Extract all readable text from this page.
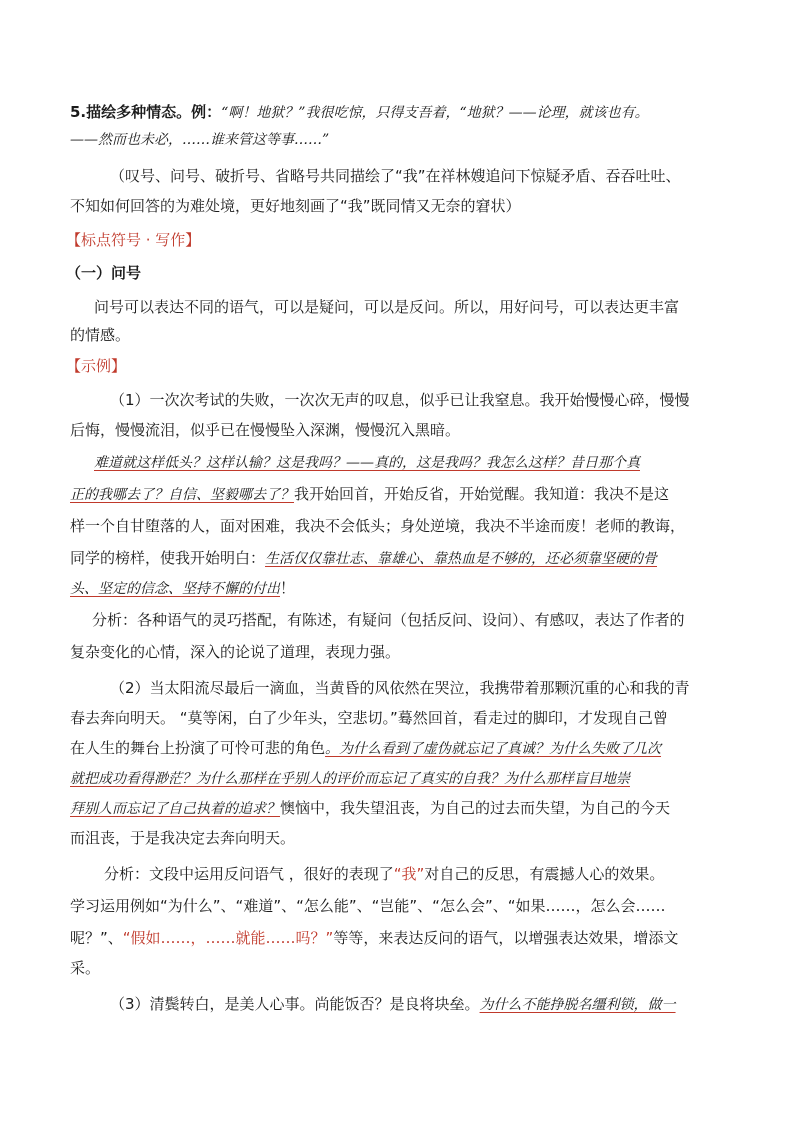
5.描绘多种情态。例：“啊！地狱？”我很吃惊，只得支吾着，“地狱？——论理，就该也有。
——然而也未必，……谁来管这等事……”
（叹号、问号、破折号、省略号共同描绘了“我”在祥林嫂追问下惊疑矛盾、吞吞吐吐、
不知如何回答的为难处境，更好地刻画了“我”既同情又无奈的窘状）
【标点符号 · 写作】
（一）问号
问号可以表达不同的语气，可以是疑问，可以是反问。所以，用好问号，可以表达更丰富
的情感。
【示例】
（1）一次次考试的失败，一次次无声的叹息，似乎已让我窒息。我开始慢慢心碎，慢慢
后悔，慢慢流泪，似乎已在慢慢坠入深渊，慢慢沉入黑暗。
难道就这样低头？这样认输？这是我吗？——真的，这是我吗？我怎么这样？昔日那个真
正的我哪去了？自信、坚毅哪去了？我开始回首，开始反省，开始觉醒。我知道：我决不是这
样一个自甘堕落的人，面对困难，我决不会低头；身处逆境，我决不半途而废！老师的教诲，
同学的榜样，使我开始明白：生活仅仅靠壮志、靠雄心、靠热血是不够的，还必须靠坚硬的骨
头、坚定的信念、坚持不懈的付出！
分析：各种语气的灵巧搭配，有陈述，有疑问（包括反问、设问）、有感叹，表达了作者的
复杂变化的心情，深入的论说了道理，表现力强。
（2）当太阳流尽最后一滴血，当黄昏的风依然在哭泣，我携带着那颗沉重的心和我的青
春去奔向明天。 “莫等闲，白了少年头，空悲切。”蓦然回首，看走过的脚印，才发现自己曾
在人生的舞台上扮演了可怜可悲的角色。为什么看到了虚伪就忘记了真诚？为什么失败了几次
就把成功看得渺茫？为什么那样在乎别人的评价而忘记了真实的自我？为什么那样盲目地崇
拜别人而忘记了自己执着的追求？懊恼中，我失望沮丧，为自己的过去而失望，为自己的今天
而沮丧，于是我决定去奔向明天。
分析：文段中运用反问语气 ，很好的表现了“我”对自己的反思，有震撼人心的效果。
学习运用例如“为什么”、“难道”、“怎么能”、“岂能”、“怎么会”、“如果……，怎么会……
呢？”、“假如……，……就能……吗？”等等，来表达反问的语气，以增强表达效果，增添文
采。
（3）清鬓转白，是美人心事。尚能饭否？是良将块垒。为什么不能挣脱名缰利锁，做一
